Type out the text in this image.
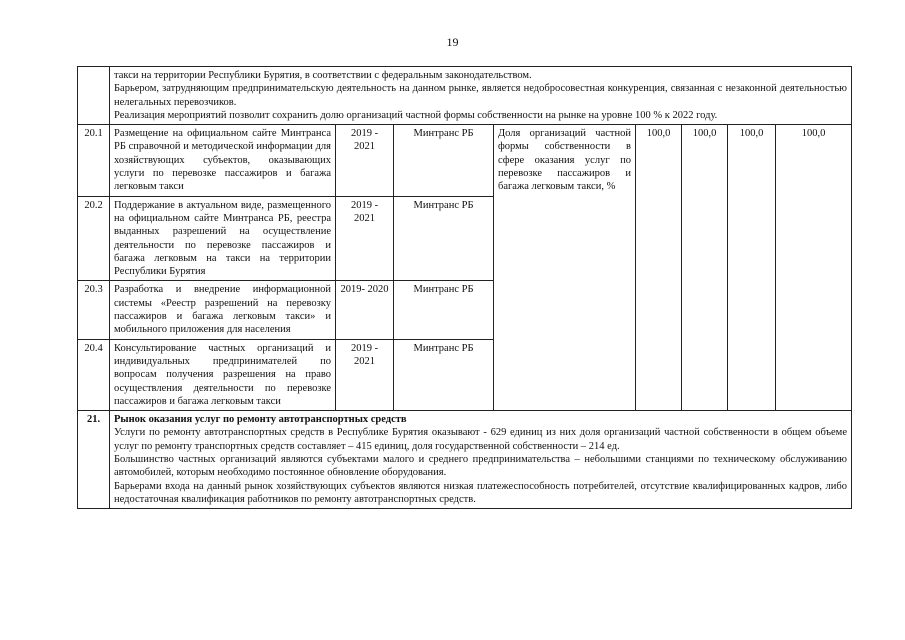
19

	такси на территории Республики Бурятия, в соответствии с федеральным законодательством.

Барьером, затрудняющим предпринимательскую деятельность на данном рынке, является недобросовестная конкуренция, связанная с незаконной деятельностью нелегальных перевозчиков.

Реализация мероприятий позволит сохранить долю организаций частной формы собственности на рынке на уровне 100 % к 2022 году.							

20.1	Размещение на официальном сайте Минтранса РБ справочной и методической информации для хозяйствующих субъектов, оказывающих услуги по перевозке пассажиров и багажа легковым такси	2019 - 2021	Минтранс РБ	Доля организаций частной формы собственности в сфере оказания услуг по перевозке пассажиров и багажа легковым такси, %	100,0	100,0	100,0	100,0
20.2	Поддержание в актуальном виде, размещенного на официальном сайте Минтранса РБ, реестра выданных разрешений на осуществление деятельности по перевозке пассажиров и багажа легковым на такси на территории Республики Бурятия	2019 - 2021	Минтранс РБ					
20.3	Разработка и внедрение информационной системы «Реестр разрешений на перевозку пассажиров и багажа легковым такси» и мобильного приложения для населения	2019- 2020	Минтранс РБ					
20.4	Консультирование частных организаций и индивидуальных предпринимателей по вопросам получения разрешения на право осуществления деятельности по перевозке пассажиров и багажа легковым такси	2019 - 2021	Минтранс РБ					
21.	Рынок оказания услуг по ремонту автотранспортных средств

Услуги по ремонту автотранспортных средств в Республике Бурятия оказывают - 629 единиц из них доля организаций частной собственности в общем объеме услуг по ремонту транспортных средств составляет – 415 единиц, доля государственной собственности – 214 ед.

Большинство частных организаций являются субъектами малого и среднего предпринимательства – небольшими станциями по техническому обслуживанию автомобилей, которым необходимо постоянное обновление оборудования.

Барьерами входа на данный рынок хозяйствующих субъектов являются низкая платежеспособность потребителей, отсутствие квалифицированных кадров, либо недостаточная квалификация работников по ремонту автотранспортных средств.							
